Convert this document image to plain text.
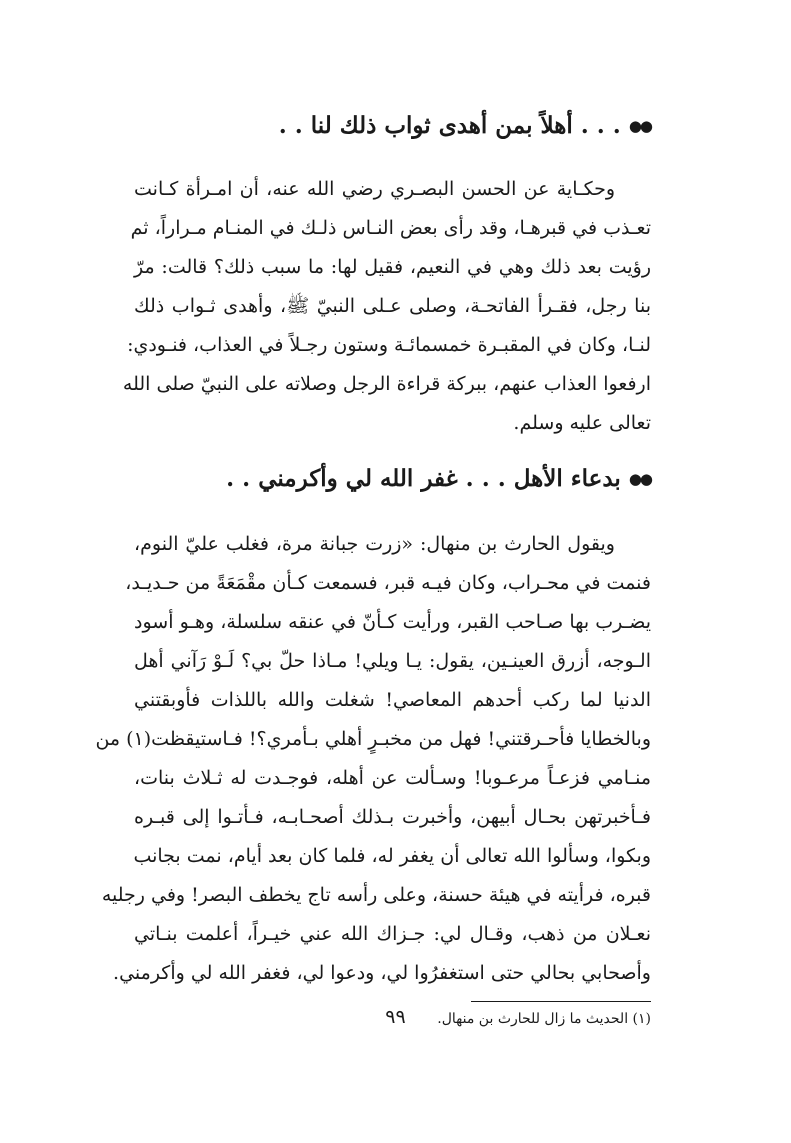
●●
. . . أهلاً بمن أهدى ثواب ذلك لنا . .

وحكـاية عن الحسن البصـري رضي الله عنه، أن امـرأة كـانت

تعـذب في قبرهـا، وقد رأى بعض النـاس ذلـك في المنـام مـراراً، ثم

رؤيت بعد ذلك وهي في النعيم، فقيل لها: ما سبب ذلك؟ قالت: مرّ

بنا رجل، فقـرأ الفاتحـة، وصلى عـلى النبيّ ﷺ، وأهدى ثـواب ذلك

لنـا، وكان في المقبـرة خمسمائـة وستون رجـلاً في العذاب، فنـودي:

ارفعوا العذاب عنهم، ببركة قراءة الرجل وصلاته على النبيّ صلى الله

تعالى عليه وسلم.

●●
بدعاء الأهل . . . غفر الله لي وأكرمني . .

ويقول الحارث بن منهال: «زرت جبانة مرة، فغلب عليّ النوم،

فنمت في محـراب، وكان فيـه قبر، فسمعت كـأن مقْمَعَةً من حـديـد،

يضـرب بها صـاحب القبر، ورأيت كـأنّ في عنقه سلسلة، وهـو أسود

الـوجه، أزرق العينـين، يقول: يـا ويلي! مـاذا حلّ بي؟ لَـوْ رَآني أهل

الدنيا لما ركب أحدهم المعاصي! شغلت والله باللذات فأوبقتني

وبالخطايا فأحـرقتني! فهل من مخبـرٍ أهلي بـأمري؟! فـاستيقظت(١) من

منـامي فزعـاً مرعـوبا! وسـألت عن أهله، فوجـدت له ثـلاث بنات،

فـأخبرتهن بحـال أبيهن، وأخبرت بـذلك أصحـابـه، فـأتـوا إلى قبـره

وبكوا، وسألوا الله تعالى أن يغفر له، فلما كان بعد أيام، نمت بجانب

قبره، فرأيته في هيئة حسنة، وعلى رأسه تاج يخطف البصر! وفي رجليه

نعـلان من ذهب، وقـال لي: جـزاك الله عني خيـراً، أعلمت بنـاتي

وأصحابي بحالي حتى استغفرُوا لي، ودعوا لي، فغفر الله لي وأكرمني.

(١) الحديث ما زال للحارث بن منهال.

٩٩
